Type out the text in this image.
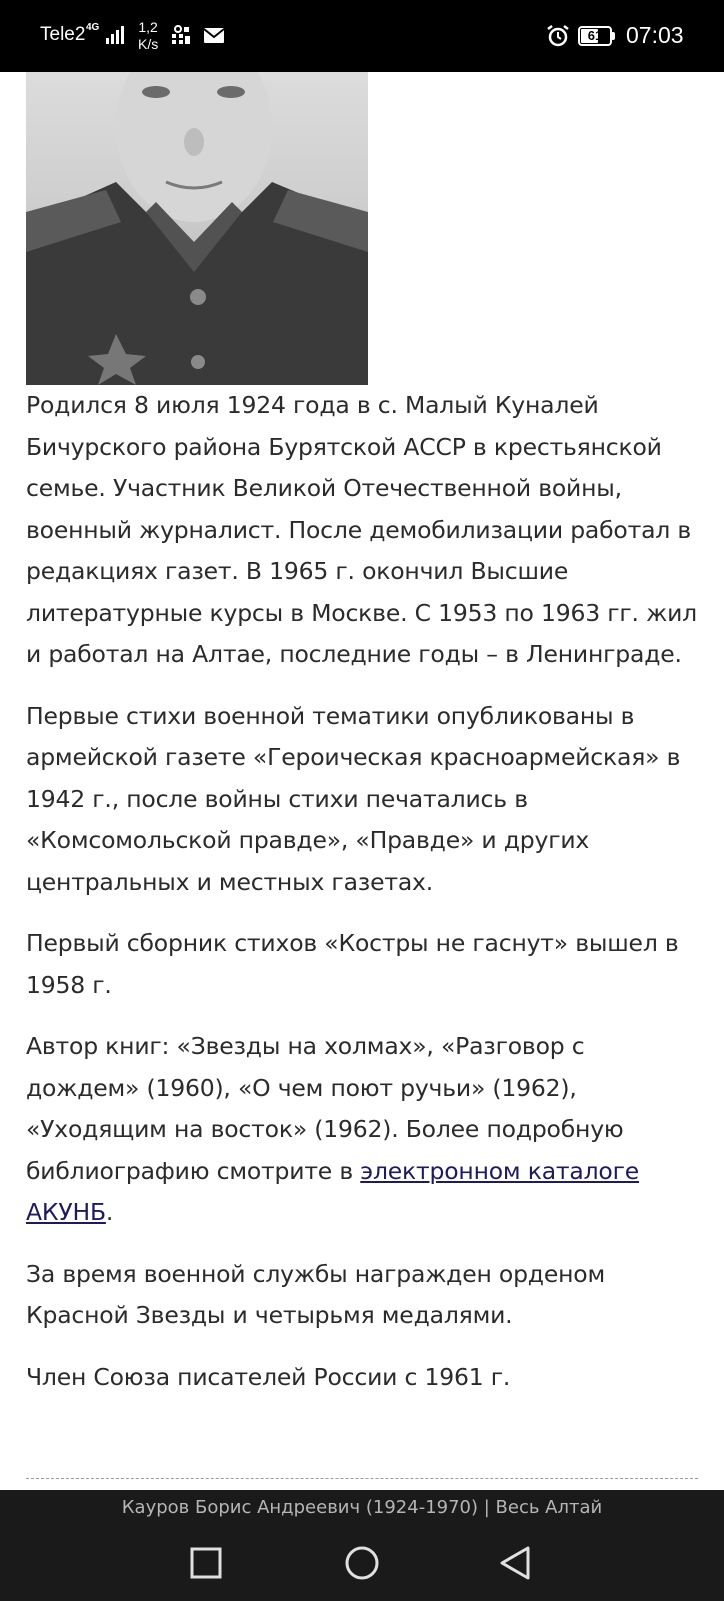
Tele2 4G	1,2
K/s
61	07:03

Родился 8 июля 1924 года в с. Малый Куналей Бичурского района Бурятской АССР в крестьянской семье. Участник Великой Отечественной войны, военный журналист. После демобилизации работал в редакциях газет. В 1965 г. окончил Высшие литературные курсы в Москве. С 1953 по 1963 гг. жил и работал на Алтае, последние годы – в Ленинграде.

Первые стихи военной тематики опубликованы в армейской газете «Героическая красноармейская» в 1942 г., после войны стихи печатались в «Комсомольской правде», «Правде» и других центральных и местных газетах.

Первый сборник стихов «Костры не гаснут» вышел в 1958 г.

Автор книг: «Звезды на холмах», «Разговор с дождем» (1960), «О чем поют ручьи» (1962), «Уходящим на восток» (1962). Более подробную библиографию смотрите в электронном каталоге АКУНБ.

За время военной службы награжден орденом Красной Звезды и четырьмя медалями.

Член Союза писателей России с 1961 г.

Кауров Борис Андреевич (1924-1970) | Весь Алтай
